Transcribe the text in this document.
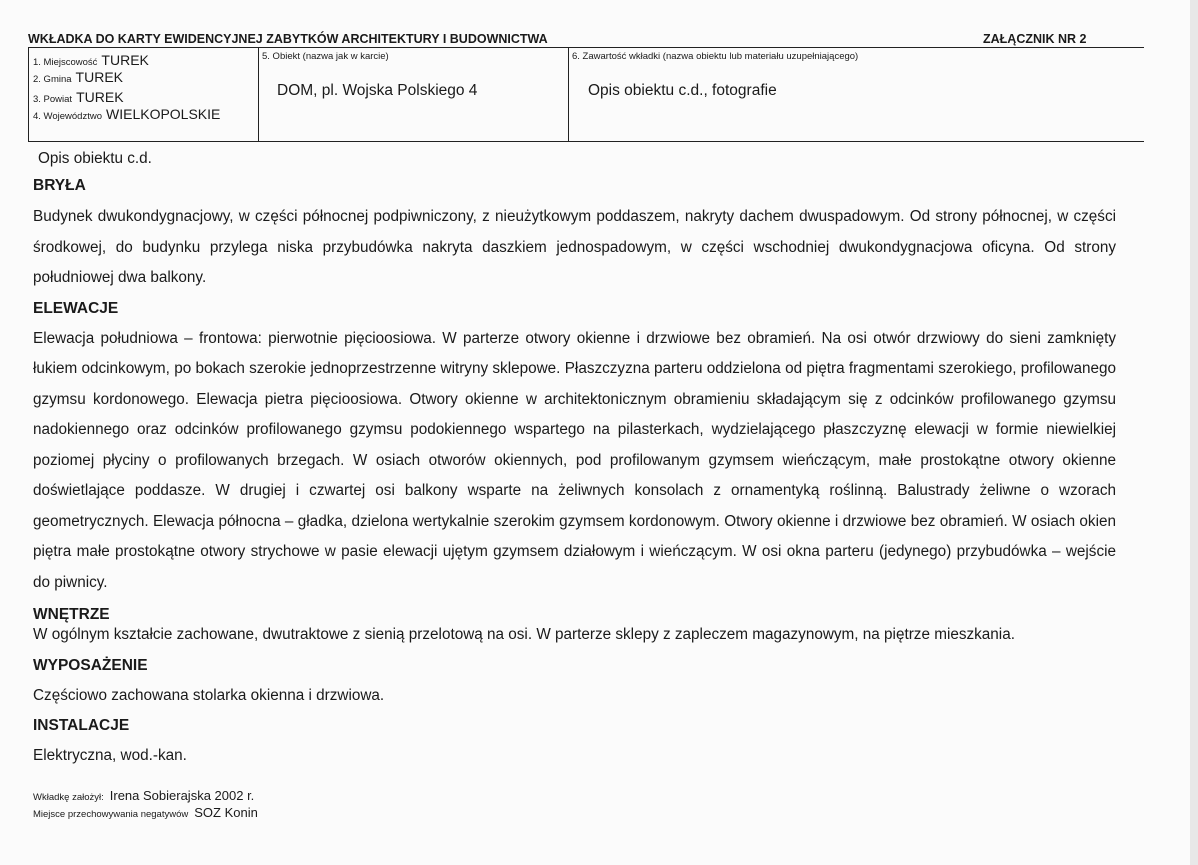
WKŁADKA DO KARTY EWIDENCYJNEJ ZABYTKÓW ARCHITEKTURY I BUDOWNICTWA	ZAŁĄCZNIK NR 2
1. Miejscowość TUREK
2. Gmina TUREK
3. Powiat TUREK
4. Województwo WIELKOPOLSKIE
5. Obiekt (nazwa jak w karcie)
DOM, pl. Wojska Polskiego 4
6. Zawartość wkładki (nazwa obiektu lub materiału uzupełniającego)
Opis obiektu c.d., fotografie
Opis obiektu c.d.
BRYŁA

Budynek dwukondygnacjowy, w części północnej podpiwniczony, z nieużytkowym poddaszem, nakryty dachem dwuspadowym. Od strony północnej, w części środkowej, do budynku przylega niska przybudówka nakryta daszkiem jednospadowym, w części wschodniej dwukondygnacjowa oficyna. Od strony południowej dwa balkony.

ELEWACJE

Elewacja południowa – frontowa: pierwotnie pięcioosiowa. W parterze otwory okienne i drzwiowe bez obramień. Na osi otwór drzwiowy do sieni zamknięty łukiem odcinkowym, po bokach szerokie jednoprzestrzenne witryny sklepowe. Płaszczyzna parteru oddzielona od piętra fragmentami szerokiego, profilowanego gzymsu kordonowego. Elewacja pietra pięcioosiowa. Otwory okienne w architektonicznym obramieniu składającym się z odcinków profilowanego gzymsu nadokiennego oraz odcinków profilowanego gzymsu podokiennego wspartego na pilasterkach, wydzielającego płaszczyznę elewacji w formie niewielkiej poziomej płyciny o profilowanych brzegach. W osiach otworów okiennych, pod profilowanym gzymsem wieńczącym, małe prostokątne otwory okienne doświetlające poddasze. W drugiej i czwartej osi balkony wsparte na żeliwnych konsolach z ornamentyką roślinną. Balustrady żeliwne o wzorach geometrycznych. Elewacja północna – gładka, dzielona wertykalnie szerokim gzymsem kordonowym. Otwory okienne i drzwiowe bez obramień. W osiach okien piętra małe prostokątne otwory strychowe w pasie elewacji ujętym gzymsem działowym i wieńczącym. W osi okna parteru (jedynego) przybudówka – wejście do piwnicy.

WNĘTRZE

W ogólnym kształcie zachowane, dwutraktowe z sienią przelotową na osi. W parterze sklepy z zapleczem magazynowym, na piętrze mieszkania.

WYPOSAŻENIE

Częściowo zachowana stolarka okienna i drzwiowa.

INSTALACJE

Elektryczna, wod.-kan.

Wkładkę założył: Irena Sobierajska 2002 r.
Miejsce przechowywania negatywów SOZ Konin
